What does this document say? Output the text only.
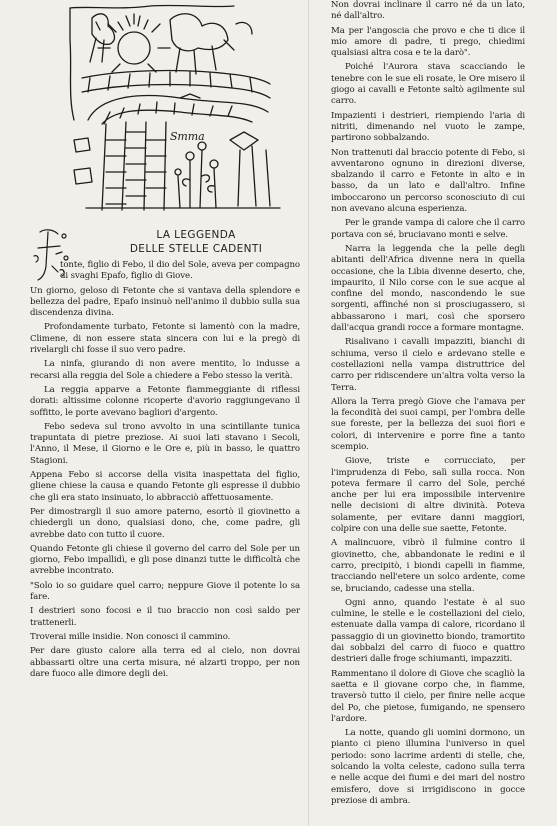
Smma
LA LEGGENDA
DELLE STELLE CADENTI

tonte, figlio di Febo, il dio del Sole, aveva per compagno di svaghi Epafo, figlio di Giove.

Un giorno, geloso di Fetonte che si vantava della splendore e bellezza del padre, Epafo insinuò nell'animo il dubbio sulla sua discendenza divina.

Profondamente turbato, Fetonte si lamentò con la madre, Climene, di non essere stata sincera con lui e la pregò di rivelargli chi fosse il suo vero padre.

La ninfa, giurando di non avere mentito, lo indusse a recarsi alla reggia del Sole a chiedere a Febo stesso la verità.

La reggia apparve a Fetonte fiammeggiante di riflessi dorati: altissime colonne ricoperte d'avorio raggiungevano il soffitto, le porte avevano bagliori d'argento.

Febo sedeva sul trono avvolto in una scintillante tunica trapuntata di pietre preziose. Ai suoi lati stavano i Secoli, l'Anno, il Mese, il Giorno e le Ore e, più in basso, le quattro Stagioni.

Appena Febo si accorse della visita inaspettata del figlio, gliene chiese la causa e quando Fetonte gli espresse il dubbio che gli era stato insinuato, lo abbracciò affettuosamente.

Per dimostrargli il suo amore paterno, esortò il giovinetto a chiedergli un dono, qualsiasi dono, che, come padre, gli avrebbe dato con tutto il cuore.

Quando Fetonte gli chiese il governo del carro del Sole per un giorno, Febo impallidì, e gli pose dinanzi tutte le difficoltà che avrebbe incontrato.

"Solo io so guidare quel carro; neppure Giove il potente lo sa fare.

I destrieri sono focosi e il tuo braccio non così saldo per trattenerli.

Troverai mille insidie. Non conosci il cammino.

Per dare giusto calore alla terra ed al cielo, non dovrai abbassarti oltre una certa misura, né alzarti troppo, per non dare fuoco alle dimore degli dei.

Non dovrai inclinare il carro né da un lato, né dall'altro.

Ma per l'angoscia che provo e che ti dice il mio amore di padre, ti prego, chiedimi qualsiasi altra cosa e te la darò".

Poiché l'Aurora stava scacciando le tenebre con le sue eli rosate, le Ore misero il giogo ai cavalli e Fetonte saltò agilmente sul carro.

Impazienti i destrieri, riempiendo l'aria di nitriti, dimenando nel vuoto le zampe, partirono sobbalzando.

Non trattenuti dal braccio potente di Febo, si avventarono ognuno in direzioni diverse, sbalzando il carro e Fetonte in alto e in basso, da un lato e dall'altro. Infine imboccarono un percorso sconosciuto di cui non avevano alcuna esperienza.

Per le grande vampa di calore che il carro portava con sé, bruciavano monti e selve.

Narra la leggenda che la pelle degli abitanti dell'Africa divenne nera in quella occasione, che la Libia divenne deserto, che, impaurito, il Nilo corse con le sue acque al confine del mondo, nascondendo le sue sorgenti, affinché non si prosciugassero, si abbassarono i mari, così che sporsero dall'acqua grandi rocce a formare montagne.

Risalivano i cavalli impazziti, bianchi di schiuma, verso il cielo e ardevano stelle e costellazioni nella vampa distruttrice del carro per ridiscendere un'altra volta verso la Terra.

Allora la Terra pregò Giove che l'amava per la fecondità dei suoi campi, per l'ombra delle sue foreste, per la bellezza dei suoi fiori e colori, di intervenire e porre fine a tanto scempio.

Giove, triste e corrucciato, per l'imprudenza di Febo, salì sulla rocca. Non poteva fermare il carro del Sole, perché anche per lui era impossibile intervenire nelle decisioni di altre divinità. Poteva solamente, per evitare danni maggiori, colpire con una delle sue saette, Fetonte.

A malincuore, vibrò il fulmine contro il giovinetto, che, abbandonate le redini e il carro, precipitò, i biondi capelli in fiamme, tracciando nell'etere un solco ardente, come se, bruciando, cadesse una stella.

Ogni anno, quando l'estate è al suo culmine, le stelle e le costellazioni del cielo, estenuate dalla vampa di calore, ricordano il passaggio di un giovinetto biondo, tramortito dai sobbalzi del carro di fuoco e quattro destrieri dalle froge schiumanti, impazziti.

Rammentano il dolore di Giove che scagliò la saetta e il giovane corpo che, in fiamme, traversò tutto il cielo, per finire nelle acque del Po, che pietose, fumigando, ne spensero l'ardore.

La notte, quando gli uomini dormono, un pianto ci pieno illumina l'universo in quel periodo: sono lacrime ardenti di stelle, che, solcando la volta celeste, cadono sulla terra e nelle acque dei fiumi e dei mari del nostro emisfero, dove si irrigidiscono in gocce preziose di ambra.
